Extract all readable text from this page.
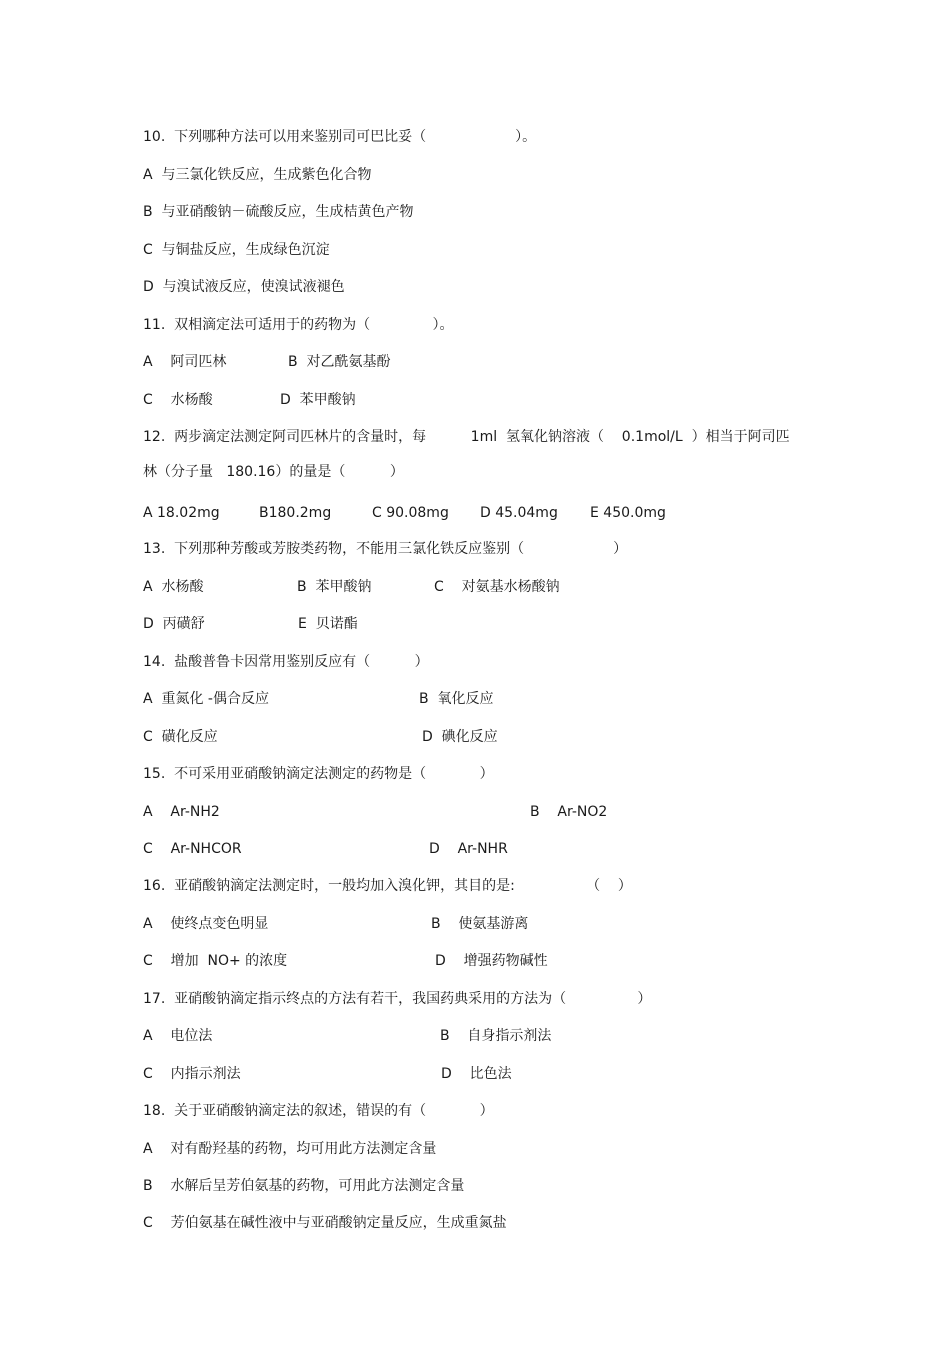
10.  下列哪种方法可以用来鉴别司可巴比妥（                    ）。
A  与三氯化铁反应，生成紫色化合物
B  与亚硝酸钠－硫酸反应，生成桔黄色产物
C  与铜盐反应，生成绿色沉淀
D  与溴试液反应，使溴试液褪色
11.  双相滴定法可适用于的药物为（              ）。
A    阿司匹林	B  对乙酰氨基酚
C    水杨酸	D  苯甲酸钠
12.  两步滴定法测定阿司匹林片的含量时，每          1ml  氢氧化钠溶液（    0.1mol/L  ）相当于阿司匹
林（分子量   180.16）的量是（          ）
A 18.02mg	B180.2mg	C 90.08mg D 45.04mg E 450.0mg
13.  下列那种芳酸或芳胺类药物，不能用三氯化铁反应鉴别（                    ）
A  水杨酸	B  苯甲酸钠	C    对氨基水杨酸钠
D  丙磺舒	E  贝诺酯
14.  盐酸普鲁卡因常用鉴别反应有（          ）
A  重氮化 -偶合反应	B  氧化反应
C  磺化反应	D  碘化反应
15.  不可采用亚硝酸钠滴定法测定的药物是（            ）
A    Ar-NH2	B    Ar-NO2
C    Ar-NHCOR	D    Ar-NHR
16.  亚硝酸钠滴定法测定时，一般均加入溴化钾，其目的是:                （    ）
A    使终点变色明显	B    使氨基游离
C    增加  NO+ 的浓度	D    增强药物碱性
17.  亚硝酸钠滴定指示终点的方法有若干，我国药典采用的方法为（                ）
A    电位法	B    自身指示剂法
C    内指示剂法	D    比色法
18.  关于亚硝酸钠滴定法的叙述，错误的有（            ）
A    对有酚羟基的药物，均可用此方法测定含量
B    水解后呈芳伯氨基的药物，可用此方法测定含量
C    芳伯氨基在碱性液中与亚硝酸钠定量反应，生成重氮盐
